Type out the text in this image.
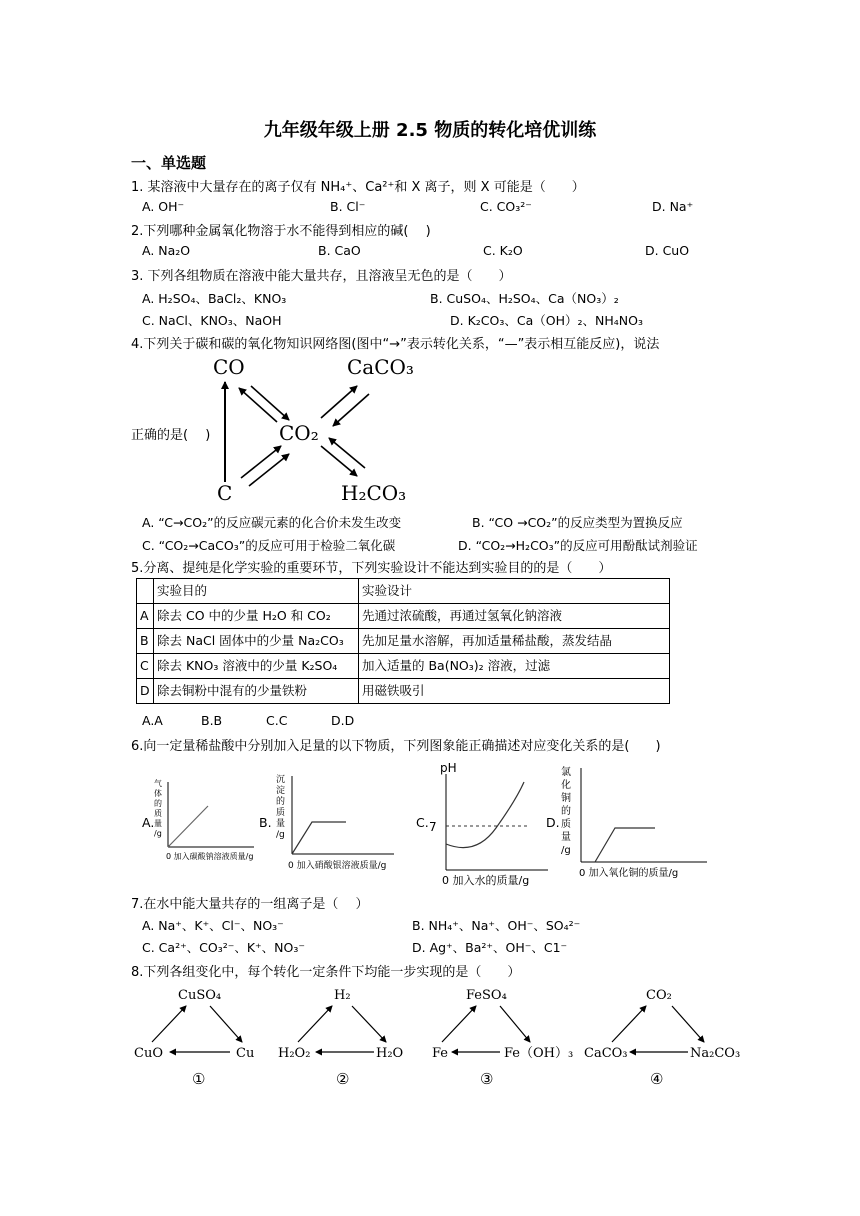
九年级年级上册 2.5 物质的转化培优训练
一、单选题
1. 某溶液中大量存在的离子仅有 NH₄⁺、Ca²⁺和 X 离子，则 X 可能是（　　）
A. OH⁻	B. Cl⁻	C. CO₃²⁻	D. Na⁺
2.下列哪种金属氧化物溶于水不能得到相应的碱(　 )
A. Na₂O	B. CaO	C. K₂O	D. CuO
3. 下列各组物质在溶液中能大量共存，且溶液呈无色的是（　　）
A. H₂SO₄、BaCl₂、KNO₃	B. CuSO₄、H₂SO₄、Ca（NO₃）₂
C. NaCl、KNO₃、NaOH	D. K₂CO₃、Ca（OH）₂、NH₄NO₃
4.下列关于碳和碳的氧化物知识网络图(图中“→”表示转化关系，“—”表示相互能反应)，说法
正确的是(　 )
CO	CaCO₃
CO₂
C	H₂CO₃
A. “C→CO₂”的反应碳元素的化合价未发生改变	B. “CO →CO₂”的反应类型为置换反应
C. “CO₂→CaCO₃”的反应可用于检验二氧化碳	D. “CO₂→H₂CO₃”的反应可用酚酞试剂验证
5.分离、提纯是化学实验的重要环节，下列实验设计不能达到实验目的的是（　　）
	实验目的	实验设计
A	除去 CO 中的少量 H₂O 和 CO₂	先通过浓硫酸，再通过氢氧化钠溶液
B	除去 NaCl 固体中的少量 Na₂CO₃	先加足量水溶解，再加适量稀盐酸，蒸发结晶
C	除去 KNO₃ 溶液中的少量 K₂SO₄	加入适量的 Ba(NO₃)₂ 溶液，过滤
D	除去铜粉中混有的少量铁粉	用磁铁吸引
A.A	B.B	C.C	D.D
6.向一定量稀盐酸中分别加入足量的以下物质，下列图象能正确描述对应变化关系的是(　　)
A.
气
体
的
质
量
/g
0 加入碳酸钠溶液质量/g
B.
沉
淀
的
质
量
/g
0 加入硝酸银溶液质量/g
C.
pH
7
0 加入水的质量/g
D.
氯
化
铜
的
质
量
/g
0 加入氧化铜的质量/g
7.在水中能大量共存的一组离子是（　 ）
A. Na⁺、K⁺、Cl⁻、NO₃⁻	B. NH₄⁺、Na⁺、OH⁻、SO₄²⁻
C. Ca²⁺、CO₃²⁻、K⁺、NO₃⁻	D. Ag⁺、Ba²⁺、OH⁻、C1⁻
8.下列各组变化中，每个转化一定条件下均能一步实现的是（　　）
CuSO₄
CuO	Cu
①
H₂
H₂O₂	H₂O
②
FeSO₄
Fe	Fe（OH）₃
③
CO₂
CaCO₃	Na₂CO₃
④
